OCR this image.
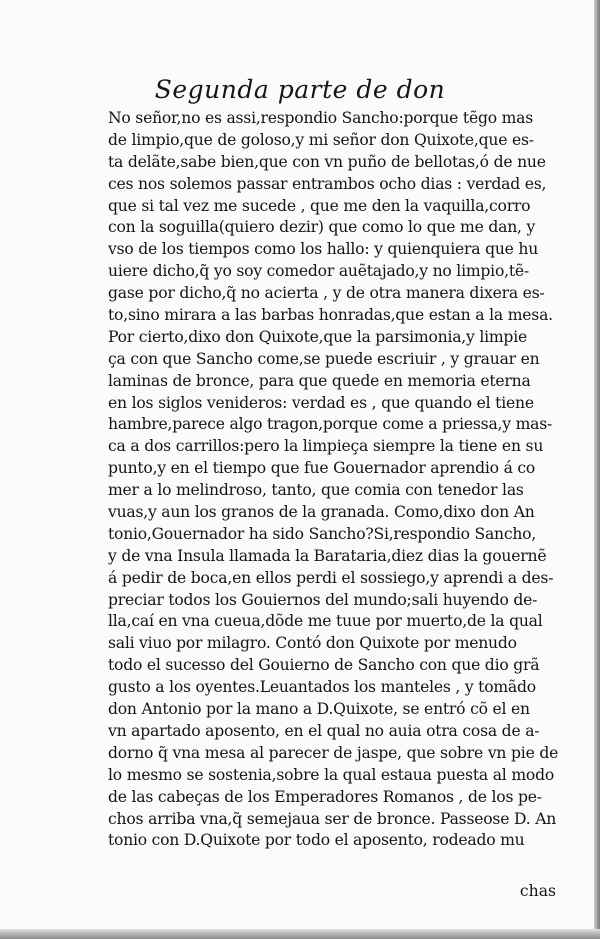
Segunda parte de don
No señor,no es assi,respondio Sancho:porque tẽgo mas
de limpio,que de goloso,y mi señor don Quixote,que es-
ta delãte,sabe bien,que con vn puño de bellotas,ó de nue
ces nos solemos passar entrambos ocho dias : verdad es,
que si tal vez me sucede , que me den la vaquilla,corro
con la soguilla(quiero dezir) que como lo que me dan, y
vso de los tiempos como los hallo: y quienquiera que hu
uiere dicho,q̃ yo soy comedor auẽtajado,y no limpio,tẽ-
gase por dicho,q̃ no acierta , y de otra manera dixera es-
to,sino mirara a las barbas honradas,que estan a la mesa.
Por cierto,dixo don Quixote,que la parsimonia,y limpie
ça con que Sancho come,se puede escriuir , y grauar en
laminas de bronce, para que quede en memoria eterna
en los siglos venideros: verdad es , que quando el tiene
hambre,parece algo tragon,porque come a priessa,y mas-
ca a dos carrillos:pero la limpieça siempre la tiene en su
punto,y en el tiempo que fue Gouernador aprendio á co
mer a lo melindroso, tanto, que comia con tenedor las
vuas,y aun los granos de la granada. Como,dixo don An
tonio,Gouernador ha sido Sancho?Si,respondio Sancho,
y de vna Insula llamada la Barataria,diez dias la gouernẽ
á pedir de boca,en ellos perdi el sossiego,y aprendi a des-
preciar todos los Gouiernos del mundo;sali huyendo de-
lla,caí en vna cueua,dõde me tuue por muerto,de la qual
sali viuo por milagro. Contó don Quixote por menudo
todo el sucesso del Gouierno de Sancho con que dio grã
gusto a los oyentes.Leuantados los manteles , y tomãdo
don Antonio por la mano a D.Quixote, se entró cõ el en
vn apartado aposento, en el qual no auia otra cosa de a-
dorno q̃ vna mesa al parecer de jaspe, que sobre vn pie de
lo mesmo se sostenia,sobre la qual estaua puesta al modo
de las cabeças de los Emperadores Romanos , de los pe-
chos arriba vna,q̃ semejaua ser de bronce. Passeose D. An
tonio con D.Quixote por todo el aposento, rodeado mu
chas
